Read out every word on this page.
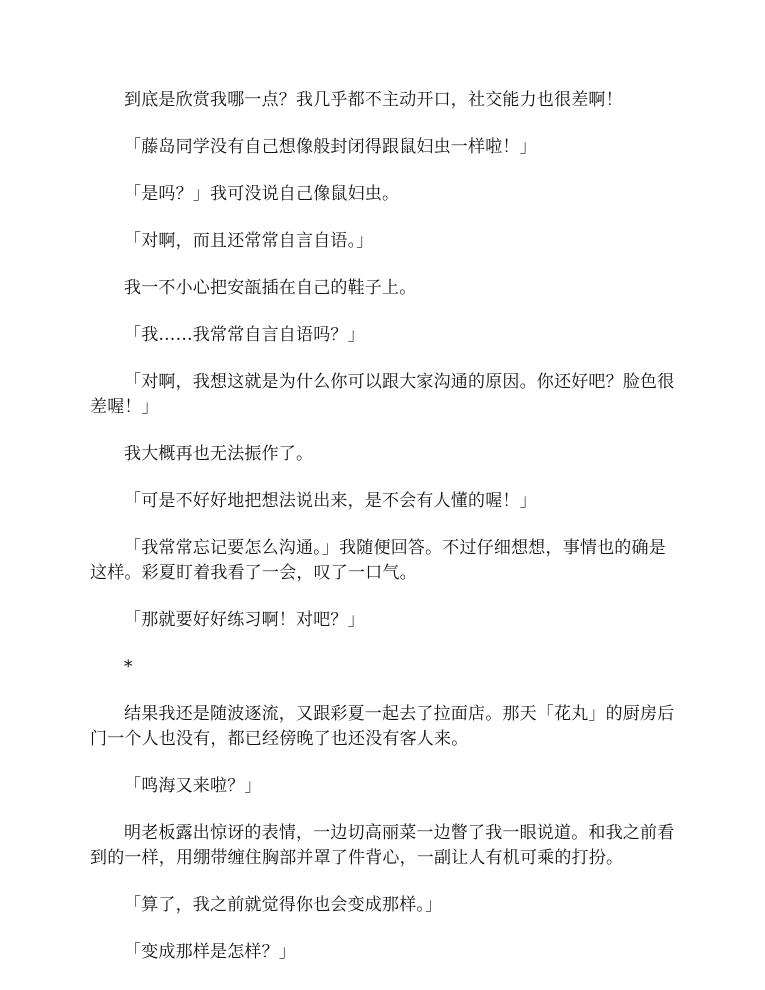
到底是欣赏我哪一点？我几乎都不主动开口，社交能力也很差啊！

「藤岛同学没有自己想像般封闭得跟鼠妇虫一样啦！」

「是吗？」我可没说自己像鼠妇虫。

「对啊，而且还常常自言自语。」

我一不小心把安瓿插在自己的鞋子上。

「我……我常常自言自语吗？」

「对啊，我想这就是为什么你可以跟大家沟通的原因。你还好吧？脸色很差喔！」

我大概再也无法振作了。

「可是不好好地把想法说出来，是不会有人懂的喔！」

「我常常忘记要怎么沟通。」我随便回答。不过仔细想想，事情也的确是这样。彩夏盯着我看了一会，叹了一口气。

「那就要好好练习啊！对吧？」

*

结果我还是随波逐流，又跟彩夏一起去了拉面店。那天「花丸」的厨房后门一个人也没有，都已经傍晚了也还没有客人来。

「鸣海又来啦？」

明老板露出惊讶的表情，一边切高丽菜一边瞥了我一眼说道。和我之前看到的一样，用绷带缠住胸部并罩了件背心，一副让人有机可乘的打扮。

「算了，我之前就觉得你也会变成那样。」

「变成那样是怎样？」
